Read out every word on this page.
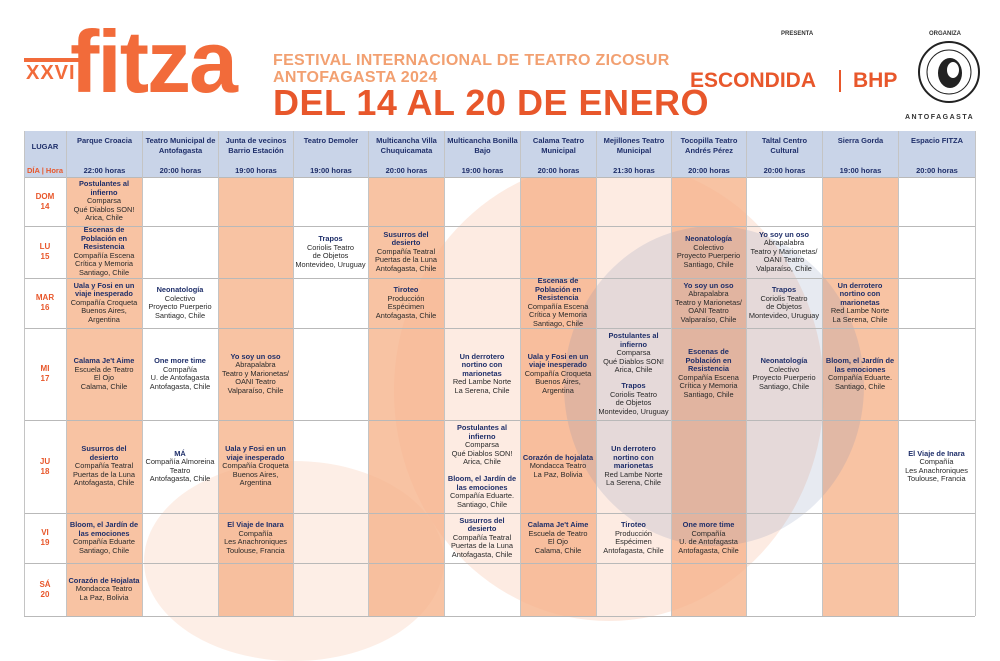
XXVI
fitza FESTIVAL INTERNACIONAL DE TEATRO ZICOSUR
ANTOFAGASTA 2024
DEL 14 AL 20 DE ENERO
PRESENTA	ORGANIZA
ESCONDIDA BHP
ANTOFAGASTA
Parque Croacia
22:00 horas
Teatro Municipal de Antofagasta
20:00 horas
Junta de vecinos Barrio Estación
19:00 horas
Teatro Demoler
19:00 horas
Multicancha Villa Chuquicamata
20:00 horas
Multicancha Bonilla Bajo
19:00 horas
Calama Teatro Municipal
20:00 horas
Mejillones Teatro Municipal
21:30 horas
Tocopilla Teatro Andrés Pérez
20:00 horas
Taltal Centro Cultural
20:00 horas
Sierra Gorda
19:00 horas
Espacio FITZA
20:00 horas
LUGAR
DÍA | Hora
DOM
14
LU
15
MAR
16
MI
17
JU
18
VI
19
SÁ
20
Postulantes al infierno
Comparsa
Qué Diablos SON!
Arica, Chile
Escenas de Población en Resistencia
Compañía Escena
Crítica y Memoria
Santiago, Chile
Trapos
Coriolis Teatro
de Objetos
Montevideo, Uruguay
Susurros del desierto
Compañía Teatral
Puertas de la Luna
Antofagasta, Chile
Neonatología
Colectivo
Proyecto Puerperio
Santiago, Chile
Yo soy un oso
Abrapalabra
Teatro y Marionetas/
OANI Teatro
Valparaíso, Chile
Uala y Fosi en un viaje inesperado
Compañía Croqueta
Buenos Aires,
Argentina
Neonatología
Colectivo
Proyecto Puerperio
Santiago, Chile
Tiroteo
Producción
Espécimen
Antofagasta, Chile
Escenas de Población en Resistencia
Compañía Escena
Crítica y Memoria
Santiago, Chile
Yo soy un oso
Abrapalabra
Teatro y Marionetas/
OANI Teatro
Valparaíso, Chile
Trapos
Coriolis Teatro
de Objetos
Montevideo, Uruguay
Un derrotero nortino con marionetas
Red Lambe Norte
La Serena, Chile
Calama Je't Aime
Escuela de Teatro
El Ojo
Calama, Chile
One more time
Compañía
U. de Antofagasta
Antofagasta, Chile
Yo soy un oso
Abrapalabra
Teatro y Marionetas/
OANI Teatro
Valparaíso, Chile
Un derrotero nortino con marionetas
Red Lambe Norte
La Serena, Chile
Uala y Fosi en un viaje inesperado
Compañía Croqueta
Buenos Aires,
Argentina
Postulantes al infierno
Comparsa
Qué Diablos SON!
Arica, Chile
Trapos
Coriolis Teatro
de Objetos
Montevideo, Uruguay
Escenas de Población en Resistencia
Compañía Escena
Crítica y Memoria
Santiago, Chile
Neonatología
Colectivo
Proyecto Puerperio
Santiago, Chile
Bloom, el Jardín de las emociones
Compañía Eduarte.
Santiago, Chile
Susurros del desierto
Compañía Teatral
Puertas de la Luna
Antofagasta, Chile
MÁ
Compañía Almoreina
Teatro
Antofagasta, Chile
Uala y Fosi en un viaje inesperado
Compañía Croqueta
Buenos Aires,
Argentina
Postulantes al infierno
Comparsa
Qué Diablos SON!
Arica, Chile
Bloom, el Jardín de las emociones
Compañía Eduarte.
Santiago, Chile
Corazón de hojalata
Mondacca Teatro
La Paz, Bolivia
Un derrotero nortino con marionetas
Red Lambe Norte
La Serena, Chile
El Viaje de Inara
Compañía
Les Anachroniques
Toulouse, Francia
Bloom, el Jardín de las emociones
Compañía Eduarte
Santiago, Chile
El Viaje de Inara
Compañía
Les Anachroniques
Toulouse, Francia
Susurros del desierto
Compañía Teatral
Puertas de la Luna
Antofagasta, Chile
Calama Je't Aime
Escuela de Teatro
El Ojo
Calama, Chile
Tiroteo
Producción
Espécimen
Antofagasta, Chile
One more time
Compañía
U. de Antofagasta
Antofagasta, Chile
Corazón de Hojalata
Mondacca Teatro
La Paz, Bolivia
